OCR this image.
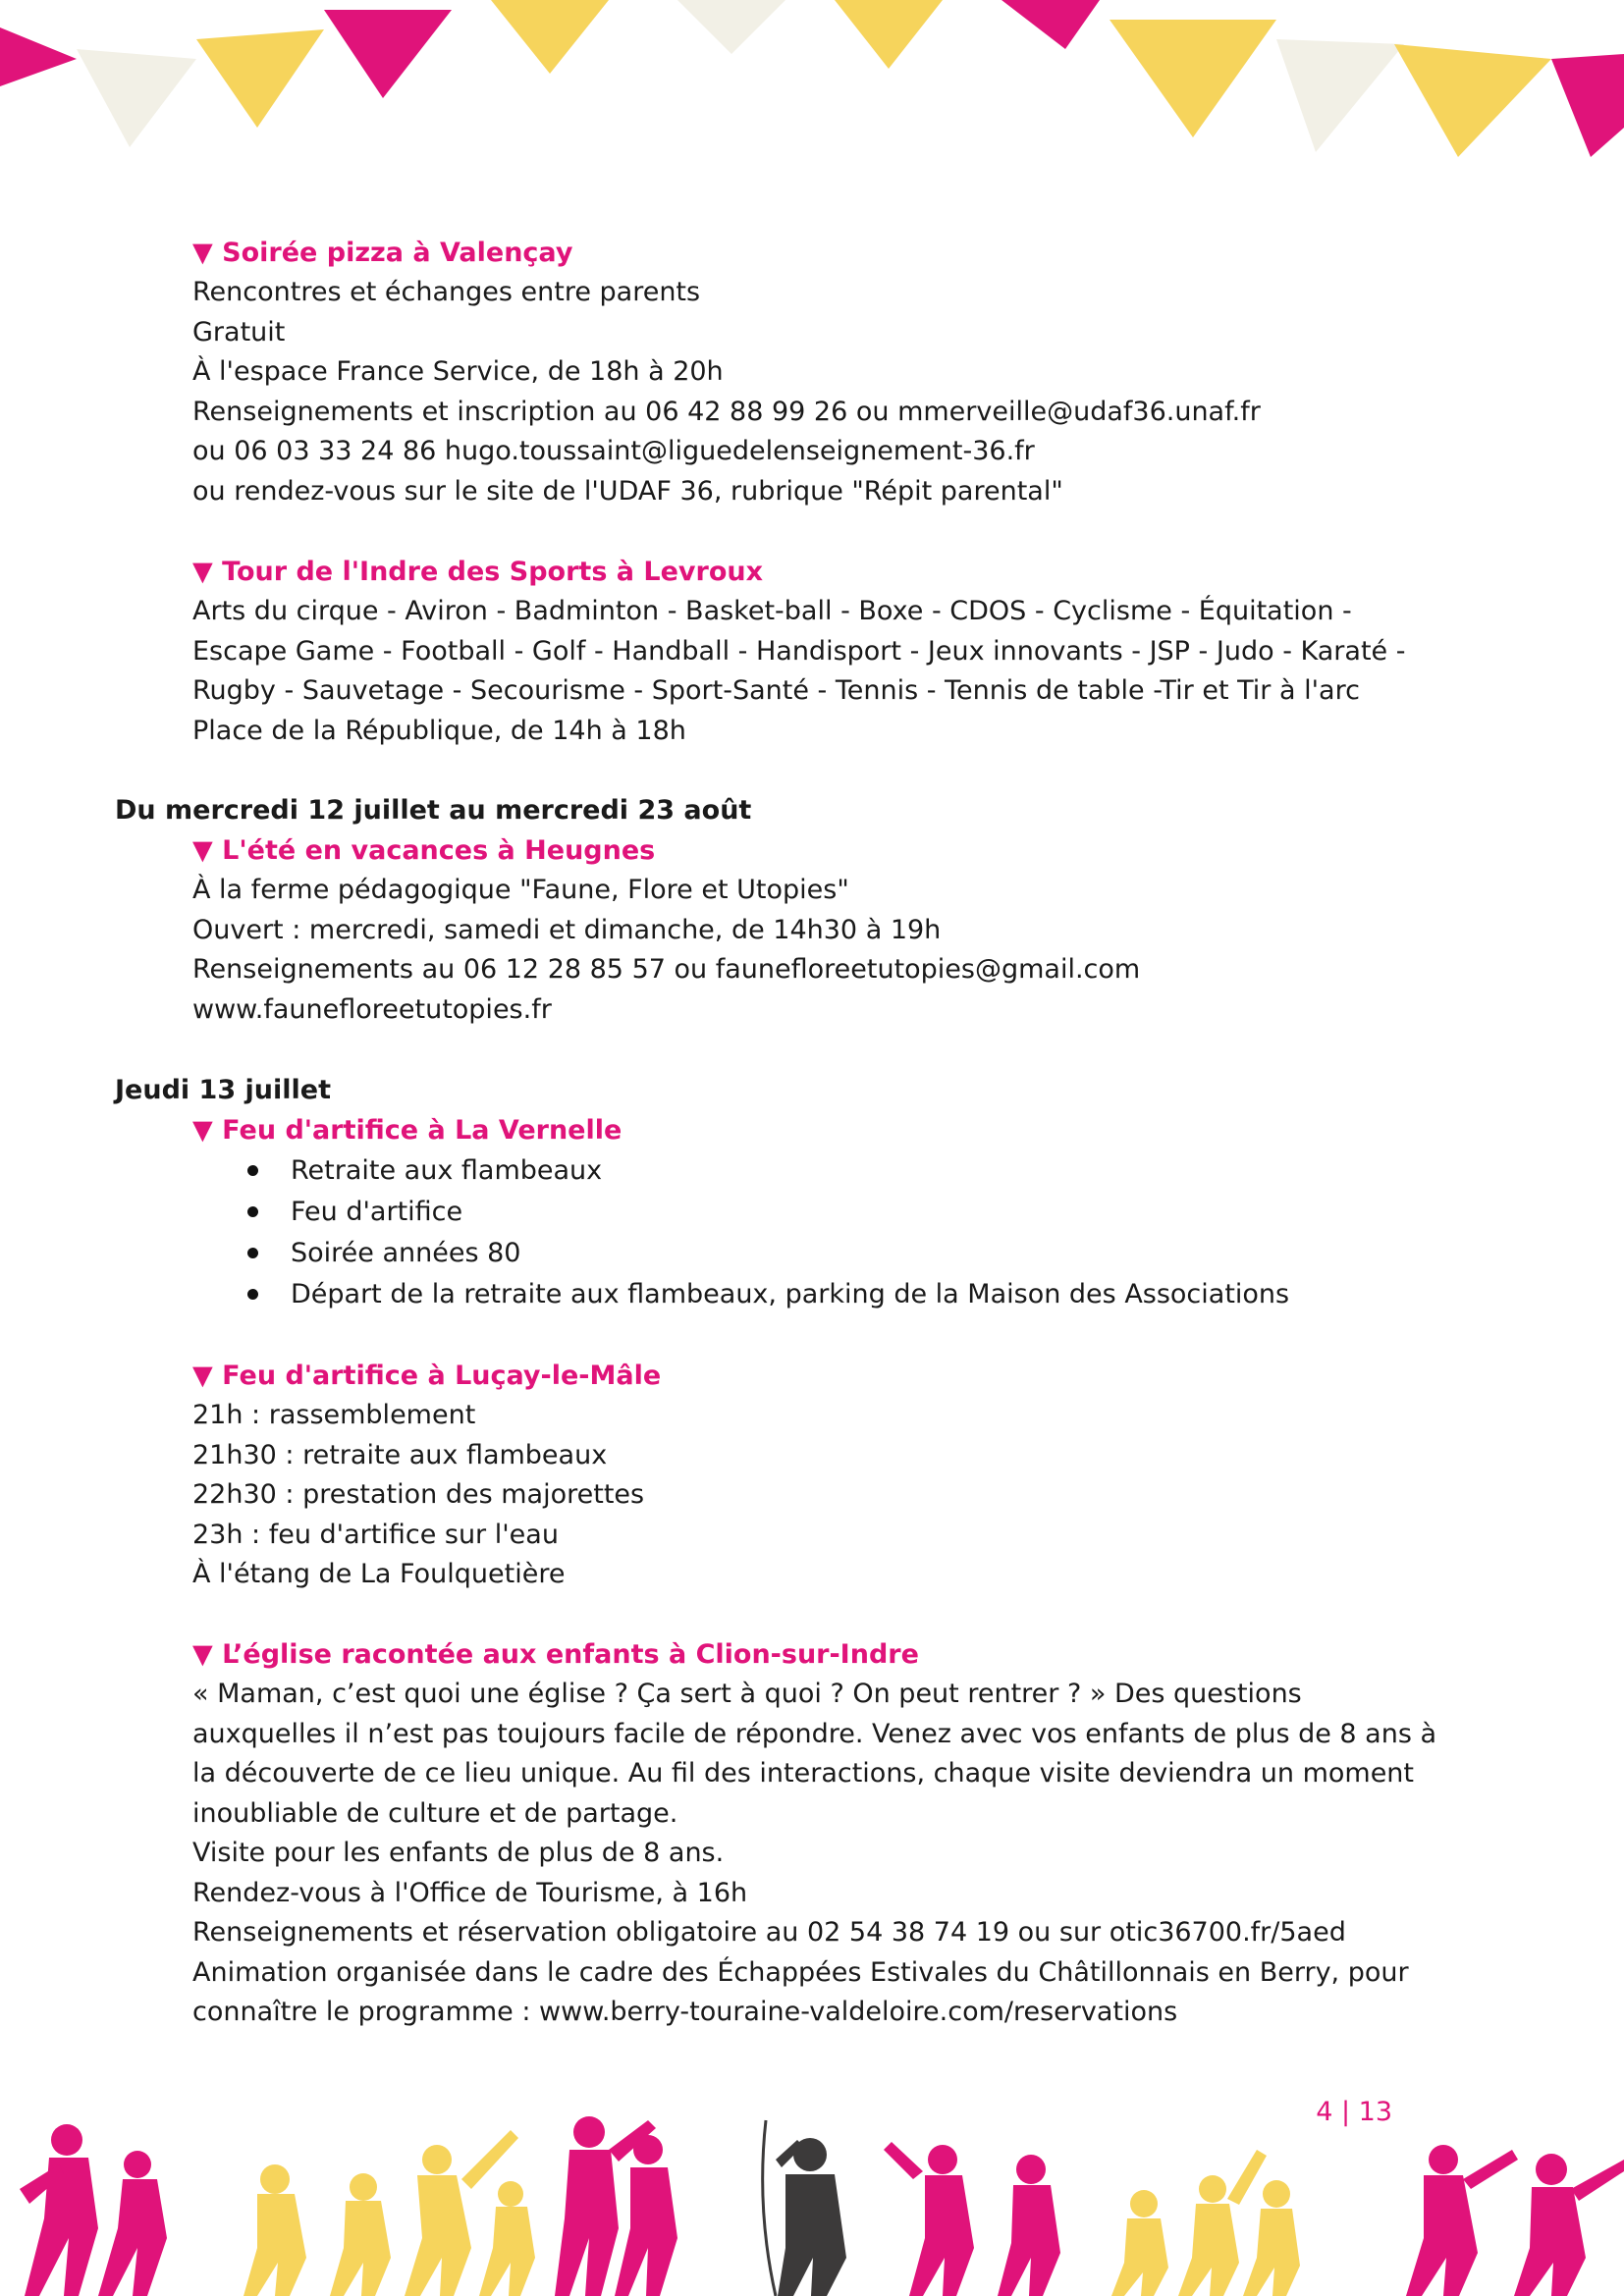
▼ Soirée pizza à Valençay

Rencontres et échanges entre parents

Gratuit

À l'espace France Service, de 18h à 20h

Renseignements et inscription au 06 42 88 99 26 ou mmerveille@udaf36.unaf.fr

ou 06 03 33 24 86 hugo.toussaint@liguedelenseignement-36.fr

ou rendez-vous sur le site de l'UDAF 36, rubrique "Répit parental"

▼ Tour de l'Indre des Sports à Levroux

Arts du cirque - Aviron - Badminton - Basket-ball - Boxe - CDOS - Cyclisme - Équitation -

Escape Game - Football - Golf - Handball - Handisport - Jeux innovants - JSP - Judo - Karaté -

Rugby - Sauvetage - Secourisme - Sport-Santé - Tennis - Tennis de table -Tir et Tir à l'arc

Place de la République, de 14h à 18h

Du mercredi 12 juillet au mercredi 23 août

▼ L'été en vacances à Heugnes

À la ferme pédagogique "Faune, Flore et Utopies"

Ouvert : mercredi, samedi et dimanche, de 14h30 à 19h

Renseignements au 06 12 28 85 57 ou faunefloreetutopies@gmail.com

www.faunefloreetutopies.fr

Jeudi 13 juillet

▼ Feu d'artifice à La Vernelle

Retraite aux flambeaux
Feu d'artifice
Soirée années 80
Départ de la retraite aux flambeaux, parking de la Maison des Associations

▼ Feu d'artifice à Luçay-le-Mâle

21h : rassemblement

21h30 : retraite aux flambeaux

22h30 : prestation des majorettes

23h : feu d'artifice sur l'eau

À l'étang de La Foulquetière

▼ L’église racontée aux enfants à Clion-sur-Indre

« Maman, c’est quoi une église ? Ça sert à quoi ? On peut rentrer ? » Des questions

auxquelles il n’est pas toujours facile de répondre. Venez avec vos enfants de plus de 8 ans à

la découverte de ce lieu unique. Au fil des interactions, chaque visite deviendra un moment

inoubliable de culture et de partage.

Visite pour les enfants de plus de 8 ans.

Rendez-vous à l'Office de Tourisme, à 16h

Renseignements et réservation obligatoire au 02 54 38 74 19 ou sur otic36700.fr/5aed

Animation organisée dans le cadre des Échappées Estivales du Châtillonnais en Berry, pour

connaître le programme : www.berry-touraine-valdeloire.com/reservations

4 | 13
